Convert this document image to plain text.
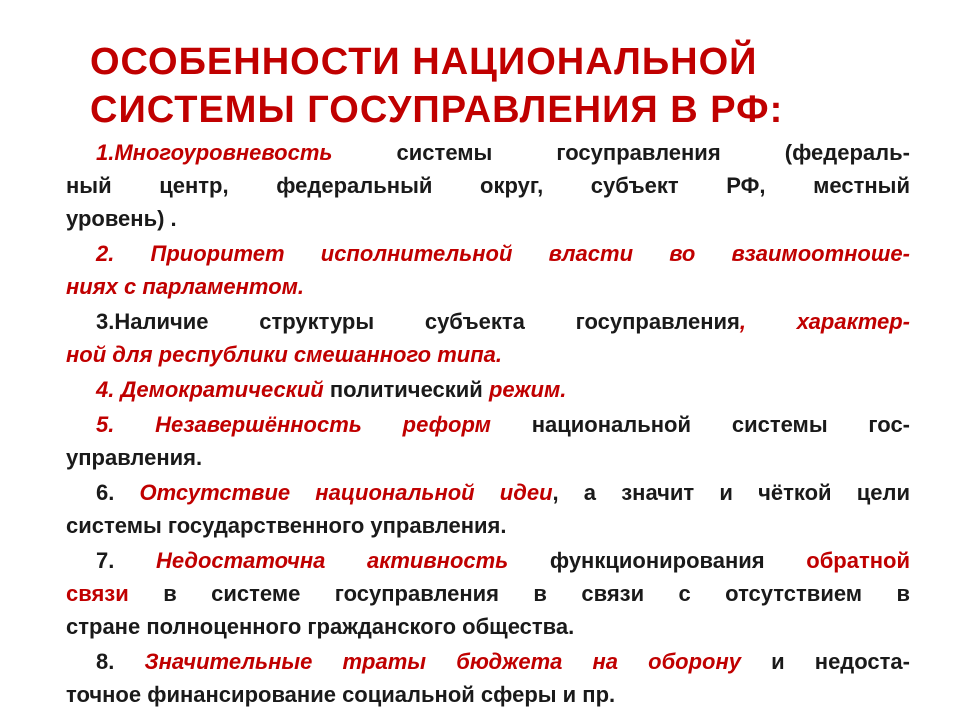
ОСОБЕННОСТИ НАЦИОНАЛЬНОЙ
СИСТЕМЫ ГОСУПРАВЛЕНИЯ В РФ:
1.Многоуровневость системы госуправления (федераль-
ный центр, федеральный округ, субъект РФ, местный
уровень) .
2. Приоритет исполнительной власти во взаимоотноше-
ниях с парламентом.
3.Наличие структуры субъекта госуправления, характер-
ной для республики смешанного типа.
4. Демократический политический режим.
5. Незавершённость реформ национальной системы гос-
управления.
6. Отсутствие национальной идеи, а значит и чёткой цели
системы государственного управления.
7. Недостаточна активность функционирования обратной
связи в системе госуправления в связи с отсутствием в
стране полноценного гражданского общества.
8. Значительные траты бюджета на оборону и недоста-
точное финансирование социальной сферы и пр.
